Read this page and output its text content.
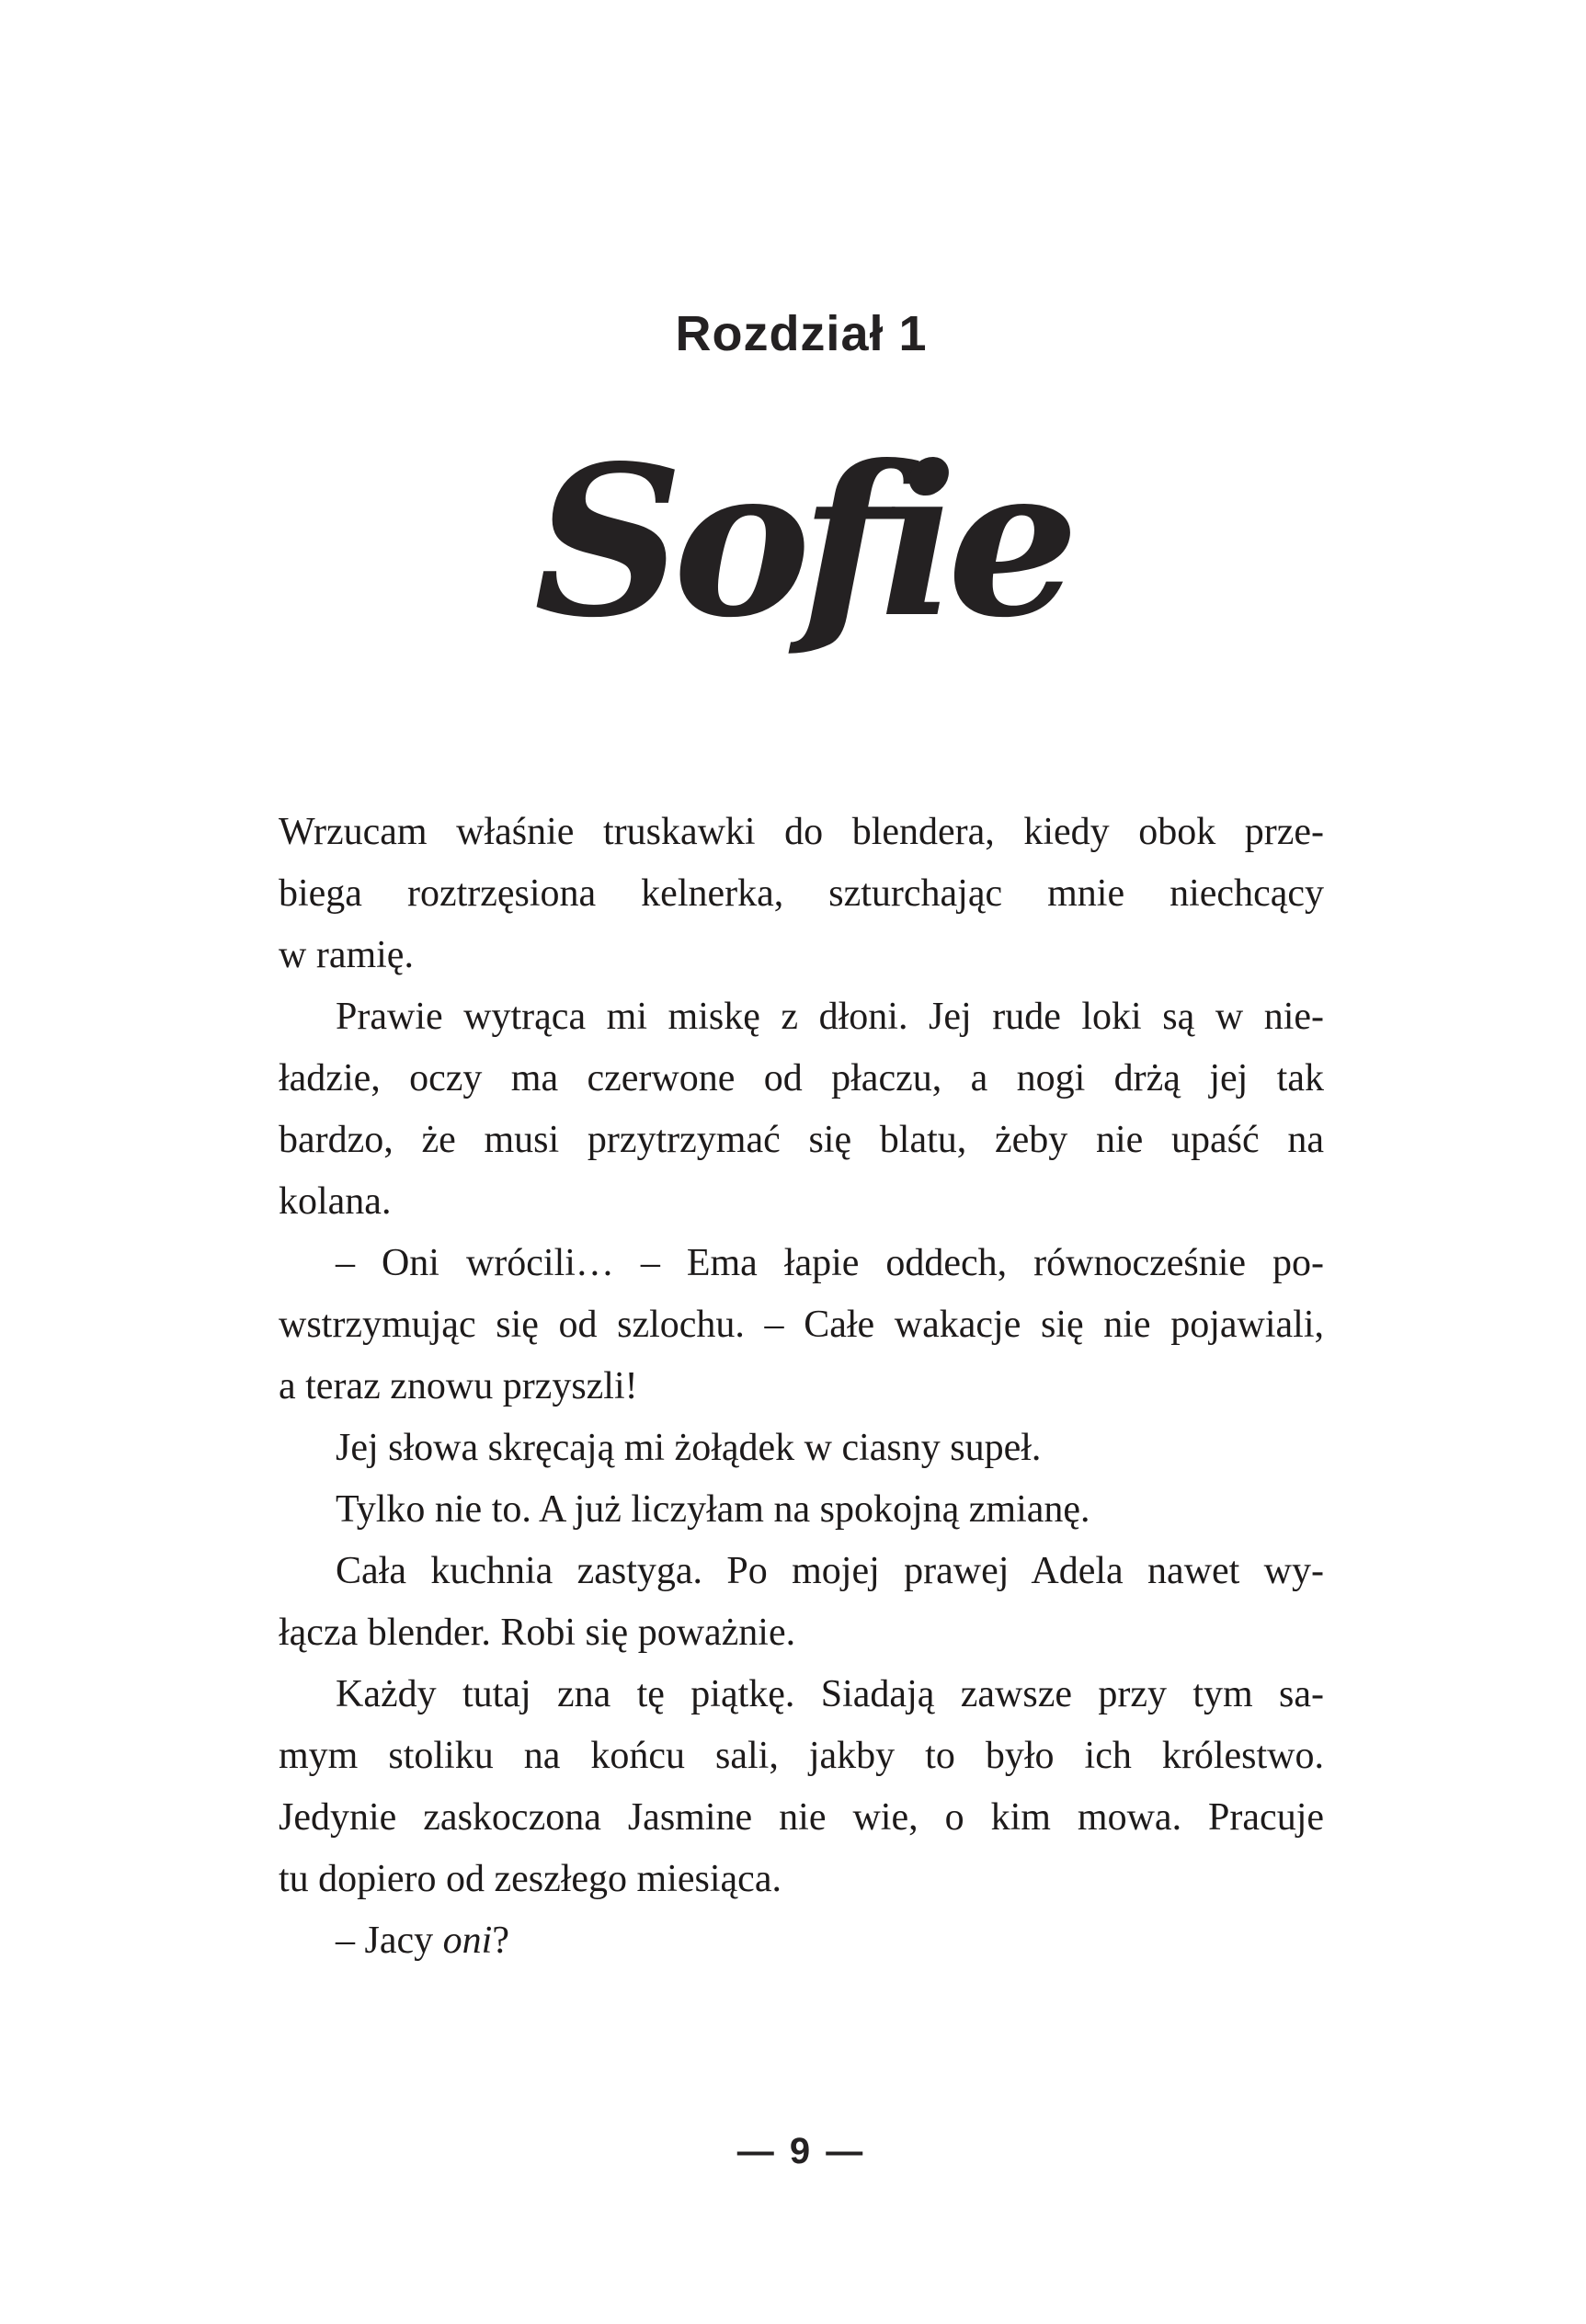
Rozdział 1
Sofie
Wrzucam właśnie truskawki do blendera, kiedy obok prze-
biega roztrzęsiona kelnerka, szturchając mnie niechcący
w ramię.
Prawie wytrąca mi miskę z dłoni. Jej rude loki są w nie-
ładzie, oczy ma czerwone od płaczu, a nogi drżą jej tak
bardzo, że musi przytrzymać się blatu, żeby nie upaść na
kolana.
– Oni wrócili… – Ema łapie oddech, równocześnie po-
wstrzymując się od szlochu. – Całe wakacje się nie pojawiali,
a teraz znowu przyszli!
Jej słowa skręcają mi żołądek w ciasny supeł.
Tylko nie to. A już liczyłam na spokojną zmianę.
Cała kuchnia zastyga. Po mojej prawej Adela nawet wy-
łącza blender. Robi się poważnie.
Każdy tutaj zna tę piątkę. Siadają zawsze przy tym sa-
mym stoliku na końcu sali, jakby to było ich królestwo.
Jedynie zaskoczona Jasmine nie wie, o kim mowa. Pracuje
tu dopiero od zeszłego miesiąca.
– Jacy oni?
— 9 —
